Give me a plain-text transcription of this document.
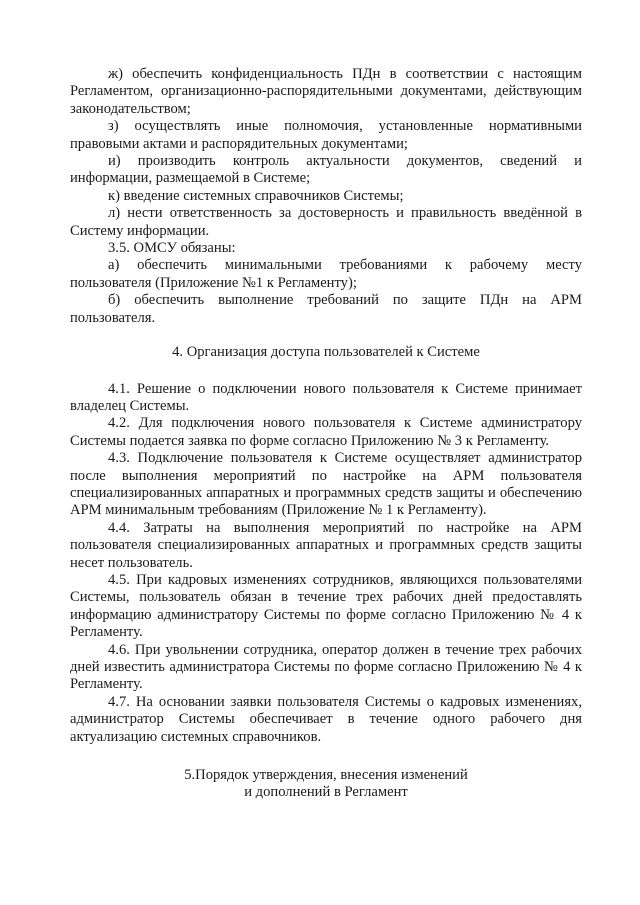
ж) обеспечить конфиденциальность ПДн в соответствии с настоящим Регламентом, организационно-распорядительными документами, действующим законодательством;

з) осуществлять иные полномочия, установленные нормативными правовыми актами и распорядительных документами;

и) производить контроль актуальности документов, сведений и информации, размещаемой в Системе;

к) введение системных справочников Системы;

л) нести ответственность за достоверность и правильность введённой в Систему информации.

3.5. ОМСУ обязаны:

а) обеспечить минимальными требованиями к рабочему месту пользователя (Приложение №1 к Регламенту);

б) обеспечить выполнение требований по защите ПДн на АРМ пользователя.

4. Организация доступа пользователей к Системе

4.1. Решение о подключении нового пользователя к Системе принимает владелец Системы.

4.2. Для подключения нового пользователя к Системе администратору Системы подается заявка по форме согласно Приложению № 3 к Регламенту.

4.3. Подключение пользователя к Системе осуществляет администратор после выполнения мероприятий по настройке на АРМ пользователя специализированных аппаратных и программных средств защиты и обеспечению АРМ минимальным требованиям (Приложение № 1 к Регламенту).

4.4. Затраты на выполнения мероприятий по настройке на АРМ пользователя специализированных аппаратных и программных средств защиты несет пользователь.

4.5. При кадровых изменениях сотрудников, являющихся пользователями Системы, пользователь обязан в течение трех рабочих дней предоставлять информацию администратору Системы по форме согласно Приложению № 4 к Регламенту.

4.6. При увольнении сотрудника, оператор должен в течение трех рабочих дней известить администратора Системы по форме согласно Приложению № 4 к Регламенту.

4.7. На основании заявки пользователя Системы о кадровых изменениях, администратор Системы обеспечивает в течение одного рабочего дня актуализацию системных справочников.

5.Порядок утверждения, внесения изменений
и дополнений в Регламент
